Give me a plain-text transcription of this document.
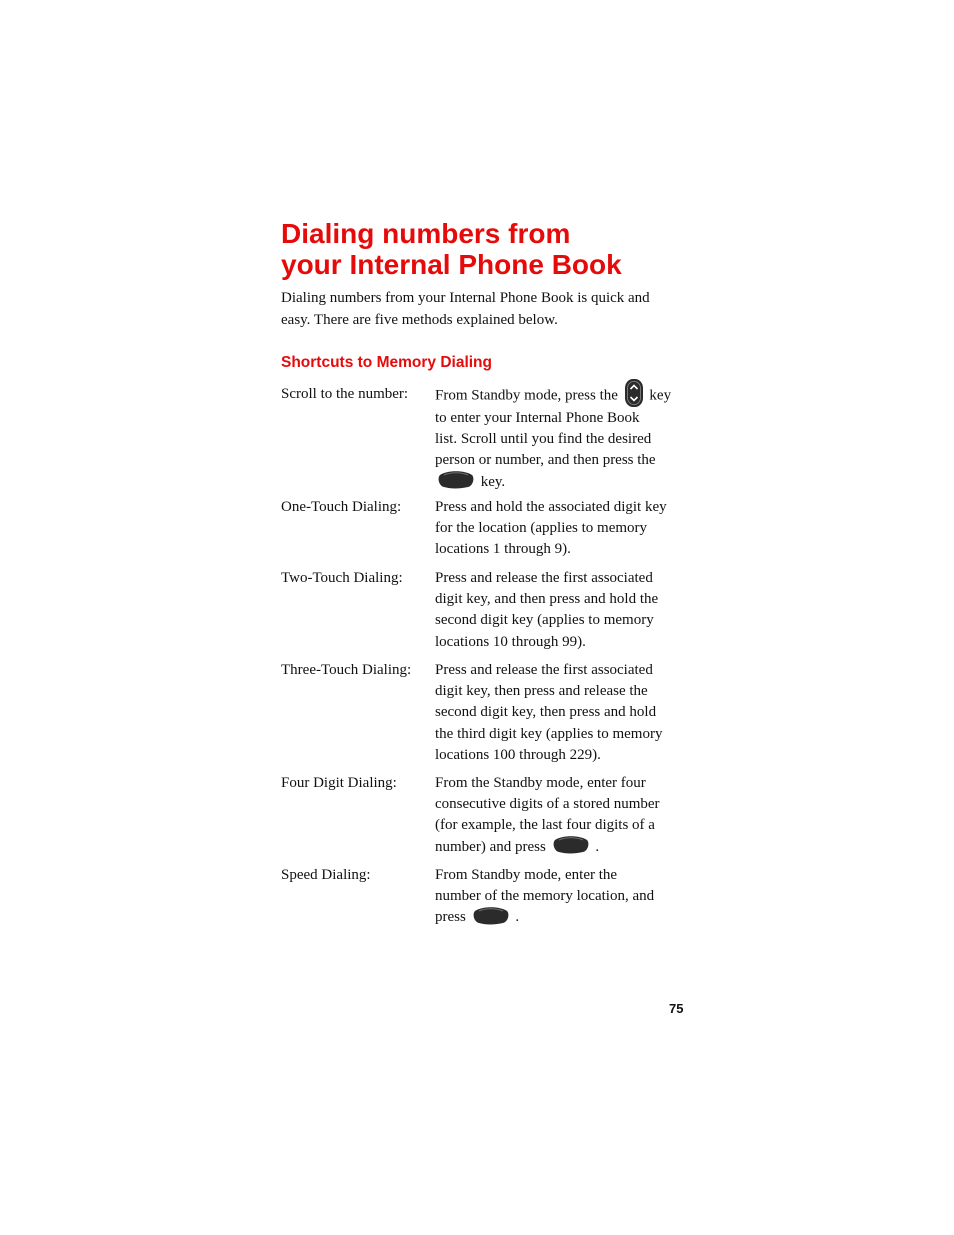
Dialing numbers from
your Internal Phone Book

Dialing numbers from your Internal Phone Book is quick and
easy. There are five methods explained below.

Shortcuts to Memory Dialing
Scroll to the number: From Standby mode, press the key
to enter your Internal Phone Book
list. Scroll until you find the desired
person or number, and then press the
key.
One-Touch Dialing: Press and hold the associated digit key
for the location (applies to memory
locations 1 through 9).
Two-Touch Dialing: Press and release the first associated
digit key, and then press and hold the
second digit key (applies to memory
locations 10 through 99).
Three-Touch Dialing: Press and release the first associated
digit key, then press and release the
second digit key, then press and hold
the third digit key (applies to memory
locations 100 through 229).
Four Digit Dialing:	From the Standby mode, enter four
consecutive digits of a stored number
(for example, the last four digits of a
number) and press	.
Speed Dialing:	From Standby mode, enter the
number of the memory location, and
press	.
75
